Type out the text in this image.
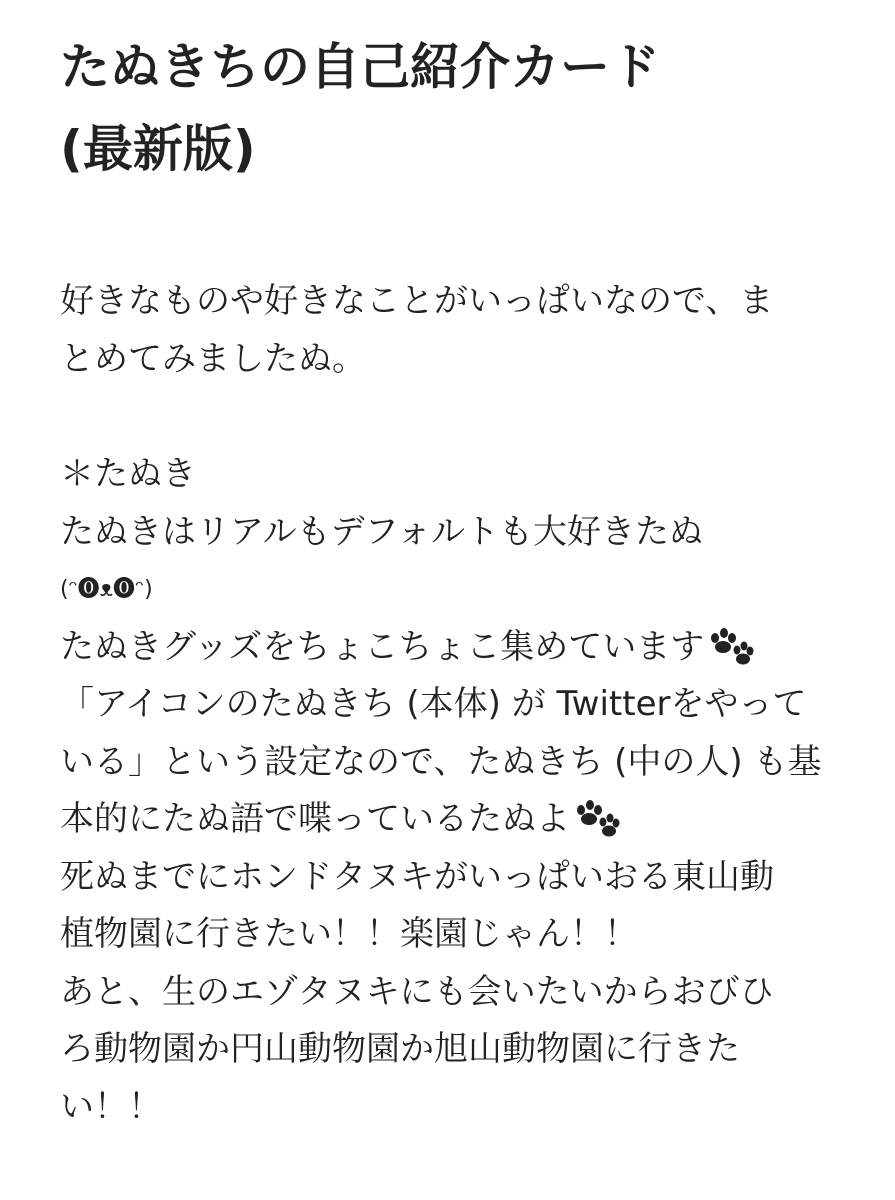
たぬきちの自己紹介カード
(最新版)
好きなものや好きなことがいっぱいなので、ま
とめてみましたぬ。
＊たぬき
たぬきはリアルもデフォルトも大好きたぬ
(ᵔ⓿ᴥ⓿ᵔ)
たぬきグッズをちょこちょこ集めています
「アイコンのたぬきち (本体) が Twitterをやって
いる」という設定なので、たぬきち (中の人) も基
本的にたぬ語で喋っているたぬよ
死ぬまでにホンドタヌキがいっぱいおる東山動
植物園に行きたい！！楽園じゃん！！
あと、生のエゾタヌキにも会いたいからおびひ
ろ動物園か円山動物園か旭山動物園に行きた
い！！
